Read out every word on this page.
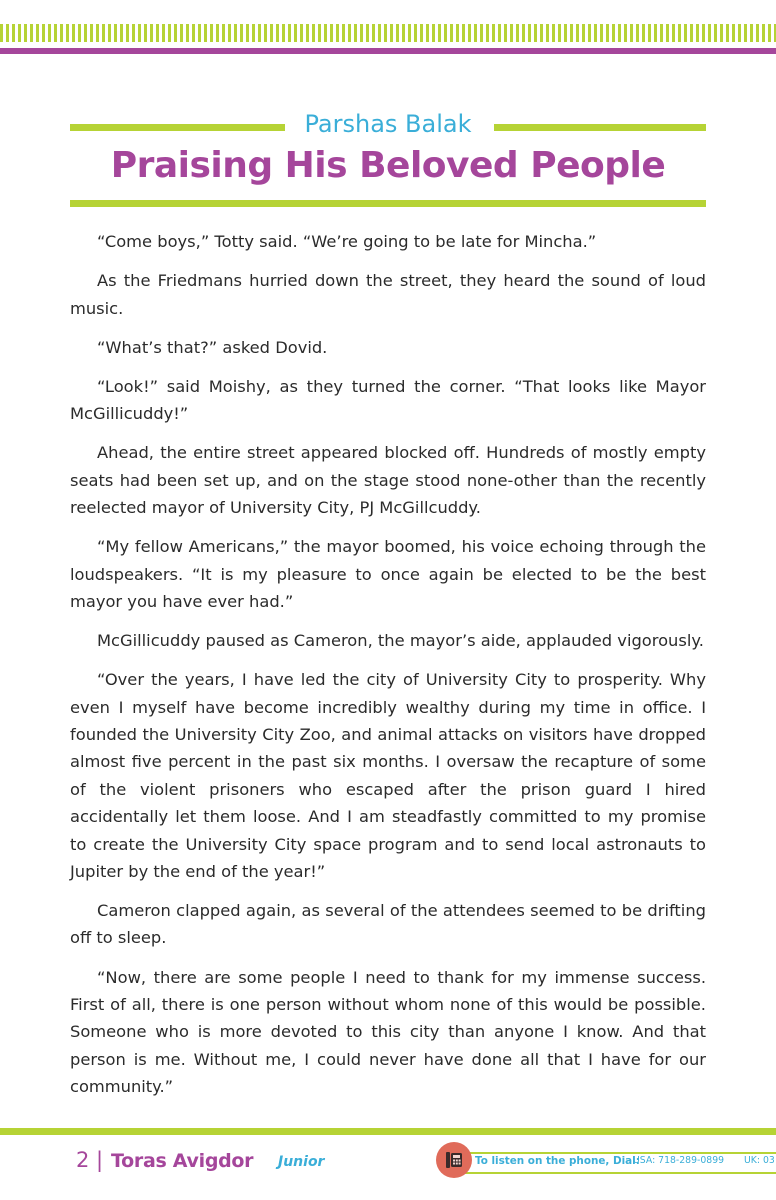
Parshas Balak
Praising His Beloved People

“Come boys,” Totty said. “We’re going to be late for Mincha.”

As the Friedmans hurried down the street, they heard the sound of loud music.

“What’s that?” asked Dovid.

“Look!” said Moishy, as they turned the corner. “That looks like Mayor McGillicuddy!”

Ahead, the entire street appeared blocked off. Hundreds of mostly empty seats had been set up, and on the stage stood none-other than the recently reelected mayor of University City, PJ McGillcuddy.

“My fellow Americans,” the mayor boomed, his voice echoing through the loudspeakers. “It is my pleasure to once again be elected to be the best mayor you have ever had.”

McGillicuddy paused as Cameron, the mayor’s aide, applauded vigorously.

“Over the years, I have led the city of University City to prosperity. Why even I myself have become incredibly wealthy during my time in office. I founded the University City Zoo, and animal attacks on visitors have dropped almost five percent in the past six months. I oversaw the recapture of some of the violent prisoners who escaped after the prison guard I hired accidentally let them loose. And I am steadfastly committed to my promise to create the University City space program and to send local astronauts to Jupiter by the end of the year!”

Cameron clapped again, as several of the attendees seemed to be drifting off to sleep.

“Now, there are some people I need to thank for my immense success. First of all, there is one person without whom none of this would be possible. Someone who is more devoted to this city than anyone I know. And that person is me. Without me, I could never have done all that I have for our community.”

2 | Toras Avigdor Junior	To listen on the phone, Dial:
USA: 718-289-0899 UK: 03
